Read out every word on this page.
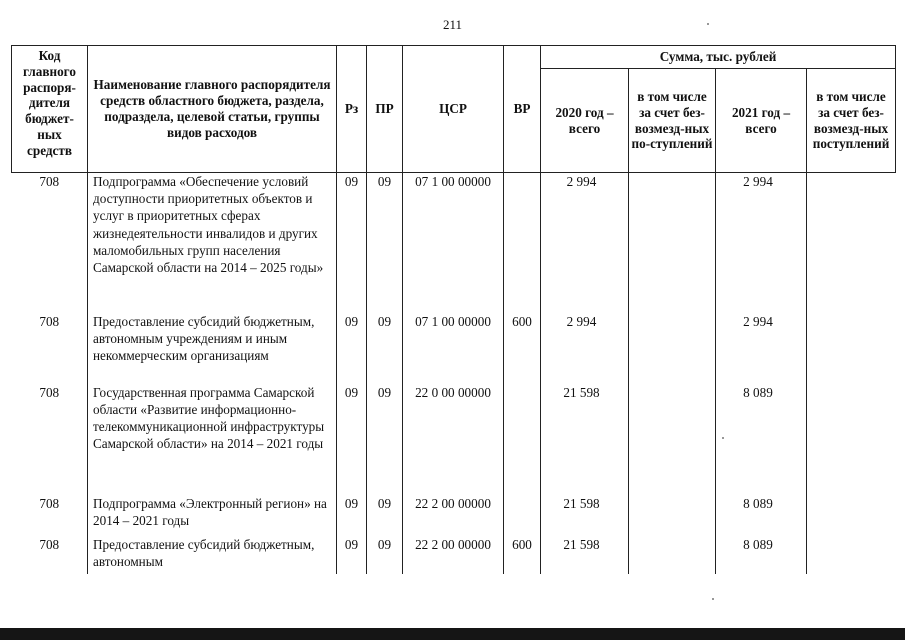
211
Код главного распоря-дителя бюджет-ных средств	Наименование главного распорядителя средств областного бюджета, раздела, подраздела, целевой статьи, группы видов расходов	Рз	ПР	ЦСР	ВР	Сумма, тыс. рублей			
						2020 год – всего	в том числе за счет без-возмезд-ных по-ступлений	2021 год – всего	в том числе за счет без-возмезд-ных поступлений
708	Подпрограмма «Обеспечение условий доступности приоритетных объектов и услуг в приоритетных сферах жизнедеятельности инвалидов и других маломобильных групп населения Самарской области на 2014 – 2025 годы»	09	09	07 1 00 00000		2 994		2 994	
708	Предоставление субсидий бюджетным, автономным учреждениям и иным некоммерческим организациям	09	09	07 1 00 00000	600	2 994		2 994	
708	Государственная программа Самарской области «Развитие информационно-телекоммуникационной инфраструктуры Самарской области» на 2014 – 2021 годы	09	09	22 0 00 00000		21 598		8 089	
708	Подпрограмма «Электронный регион» на 2014 – 2021 годы	09	09	22 2 00 00000		21 598		8 089	
708	Предоставление субсидий бюджетным, автономным	09	09	22 2 00 00000	600	21 598		8 089	
